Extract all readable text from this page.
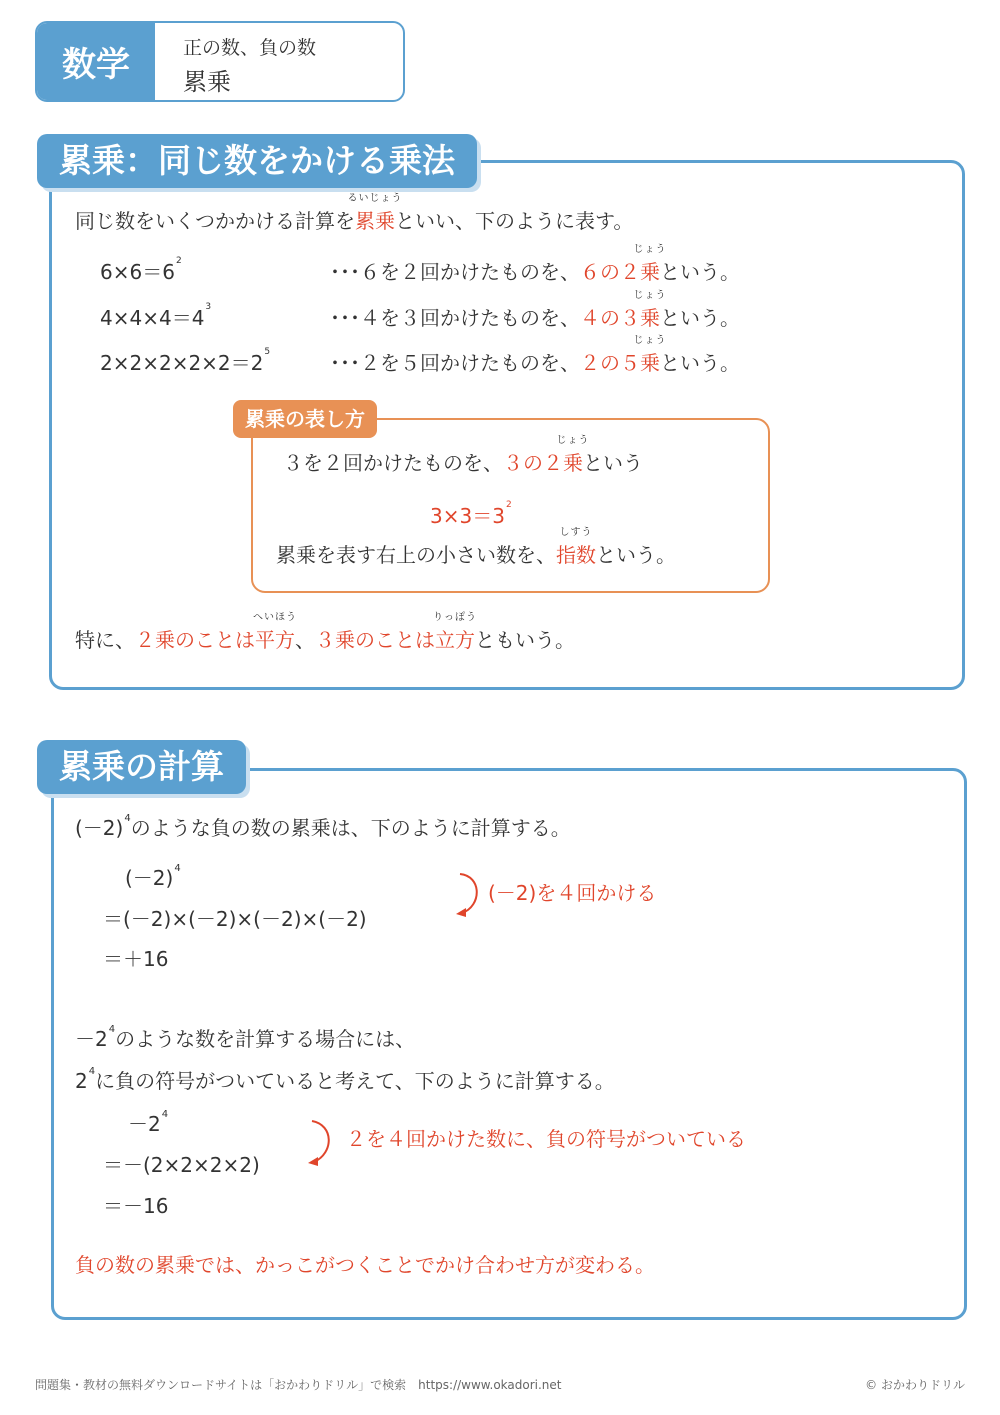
数学	正の数、負の数
累乗
累乗：同じ数をかける乗法
同じ数をいくつかかける計算を
るいじょう
累乗といい、下のように表す。
$6\times 6=6^2$	･･･６を２回かけたものを、６の２
じょう
乗という。
$4\times 4\times 4=4^3$	･･･４を３回かけたものを、４の３
じょう
乗という。
$2\times 2\times 2\times 2\times 2=2^5$	･･･２を５回かけたものを、２の５
じょう
乗という。
累乗の表し方
３を２回かけたものを、３の２
じょう
乗という
$3\times 3=3^2$
累乗を表す右上の小さい数を、
しすう
指数という。
特に、２乗のことは
へいほう
平方、３乗のことは
りっぽう
立方ともいう。
累乗の計算
$(-2)^4$のような負の数の累乗は、下のように計算する。
$(-2)^4$
＝(－2)×(－2)×(－2)×(－2)
＝＋16
(－2)を４回かける
$-2^4$のような数を計算する場合には、
$2^4$に負の符号がついていると考えて、下のように計算する。
$-2^4$
＝－(2×2×2×2)
＝－16
２を４回かけた数に、負の符号がついている
負の数の累乗では、かっこがつくことでかけ合わせ方が変わる。
問題集・教材の無料ダウンロードサイトは「おかわりドリル」で検索　https://www.okadori.net	© おかわりドリル
